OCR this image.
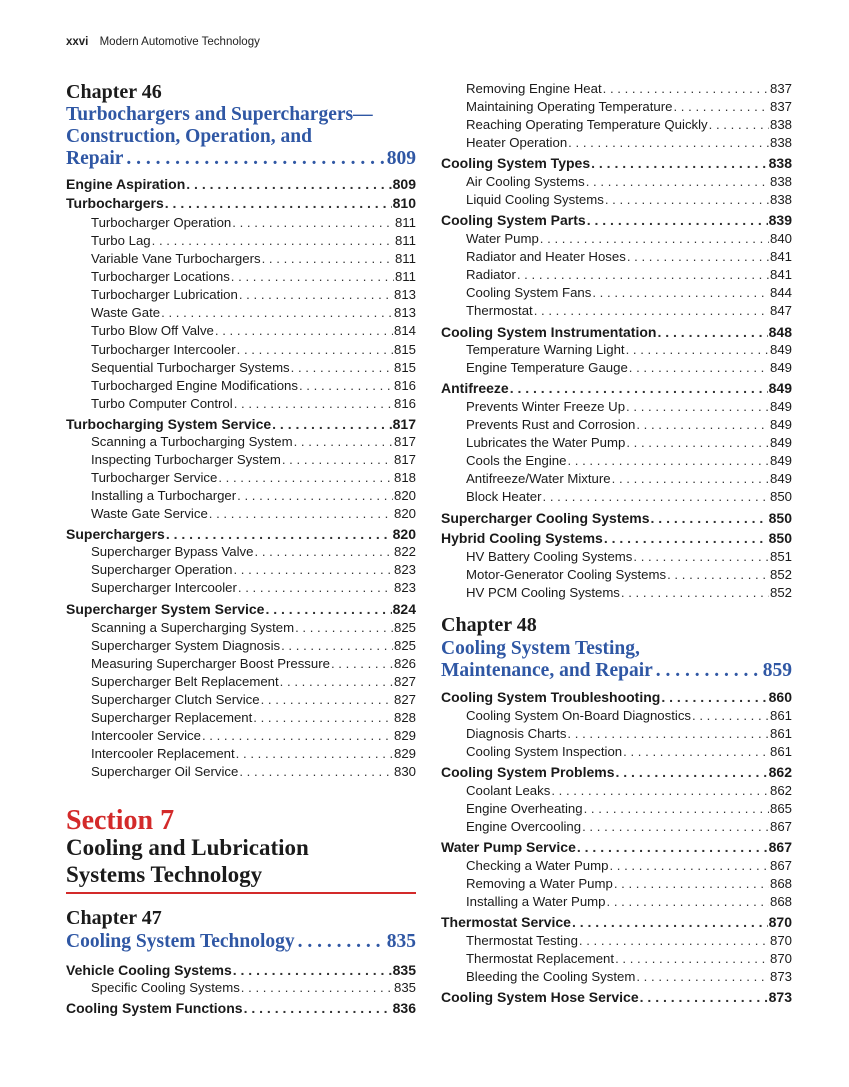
xxvi Modern Automotive Technology
Chapter 46
Turbochargers and Superchargers—
Construction, Operation, and
Repair . . .	809
Engine Aspiration . . .	809
Turbochargers . . .	810
Turbocharger Operation . . .	811
Turbo Lag . . .	811
Variable Vane Turbochargers . . .	811
Turbocharger Locations . . .	811
Turbocharger Lubrication . . .	813
Waste Gate . . .	813
Turbo Blow Off Valve . . .	814
Turbocharger Intercooler . . .	815
Sequential Turbocharger Systems . . .	815
Turbocharged Engine Modifications . . .	816
Turbo Computer Control . . .	816
Turbocharging System Service . . .	817
Scanning a Turbocharging System . . .	817
Inspecting Turbocharger System . . .	817
Turbocharger Service . . .	818
Installing a Turbocharger . . .	820
Waste Gate Service . . .	820
Superchargers . . .	820
Supercharger Bypass Valve . . .	822
Supercharger Operation . . .	823
Supercharger Intercooler . . .	823
Supercharger System Service . . .	824
Scanning a Supercharging System . . .	825
Supercharger System Diagnosis . . .	825
Measuring Supercharger Boost Pressure . . .	826
Supercharger Belt Replacement . . .	827
Supercharger Clutch Service . . .	827
Supercharger Replacement . . .	828
Intercooler Service . . .	829
Intercooler Replacement . . .	829
Supercharger Oil Service . . .	830
Section 7
Cooling and Lubrication
Systems Technology
Chapter 47
Cooling System Technology . . .	835
Vehicle Cooling Systems . . .	835
Specific Cooling Systems . . .	835
Cooling System Functions . . .	836
Removing Engine Heat . . .	837
Maintaining Operating Temperature . . .	837
Reaching Operating Temperature Quickly . . .	838
Heater Operation . . .	838
Cooling System Types . . .	838
Air Cooling Systems . . .	838
Liquid Cooling Systems . . .	838
Cooling System Parts . . .	839
Water Pump . . .	840
Radiator and Heater Hoses . . .	841
Radiator . . .	841
Cooling System Fans . . .	844
Thermostat . . .	847
Cooling System Instrumentation . . .	848
Temperature Warning Light . . .	849
Engine Temperature Gauge . . .	849
Antifreeze . . .	849
Prevents Winter Freeze Up . . .	849
Prevents Rust and Corrosion . . .	849
Lubricates the Water Pump . . .	849
Cools the Engine . . .	849
Antifreeze/Water Mixture . . .	849
Block Heater . . .	850
Supercharger Cooling Systems . . .	850
Hybrid Cooling Systems . . .	850
HV Battery Cooling Systems . . .	851
Motor-Generator Cooling Systems . . .	852
HV PCM Cooling Systems . . .	852
Chapter 48
Cooling System Testing,
Maintenance, and Repair . . .	859
Cooling System Troubleshooting . . .	860
Cooling System On-Board Diagnostics . . .	861
Diagnosis Charts . . .	861
Cooling System Inspection . . .	861
Cooling System Problems . . .	862
Coolant Leaks . . .	862
Engine Overheating . . .	865
Engine Overcooling . . .	867
Water Pump Service . . .	867
Checking a Water Pump . . .	867
Removing a Water Pump . . .	868
Installing a Water Pump . . .	868
Thermostat Service . . .	870
Thermostat Testing . . .	870
Thermostat Replacement . . .	870
Bleeding the Cooling System . . .	873
Cooling System Hose Service . . .	873
